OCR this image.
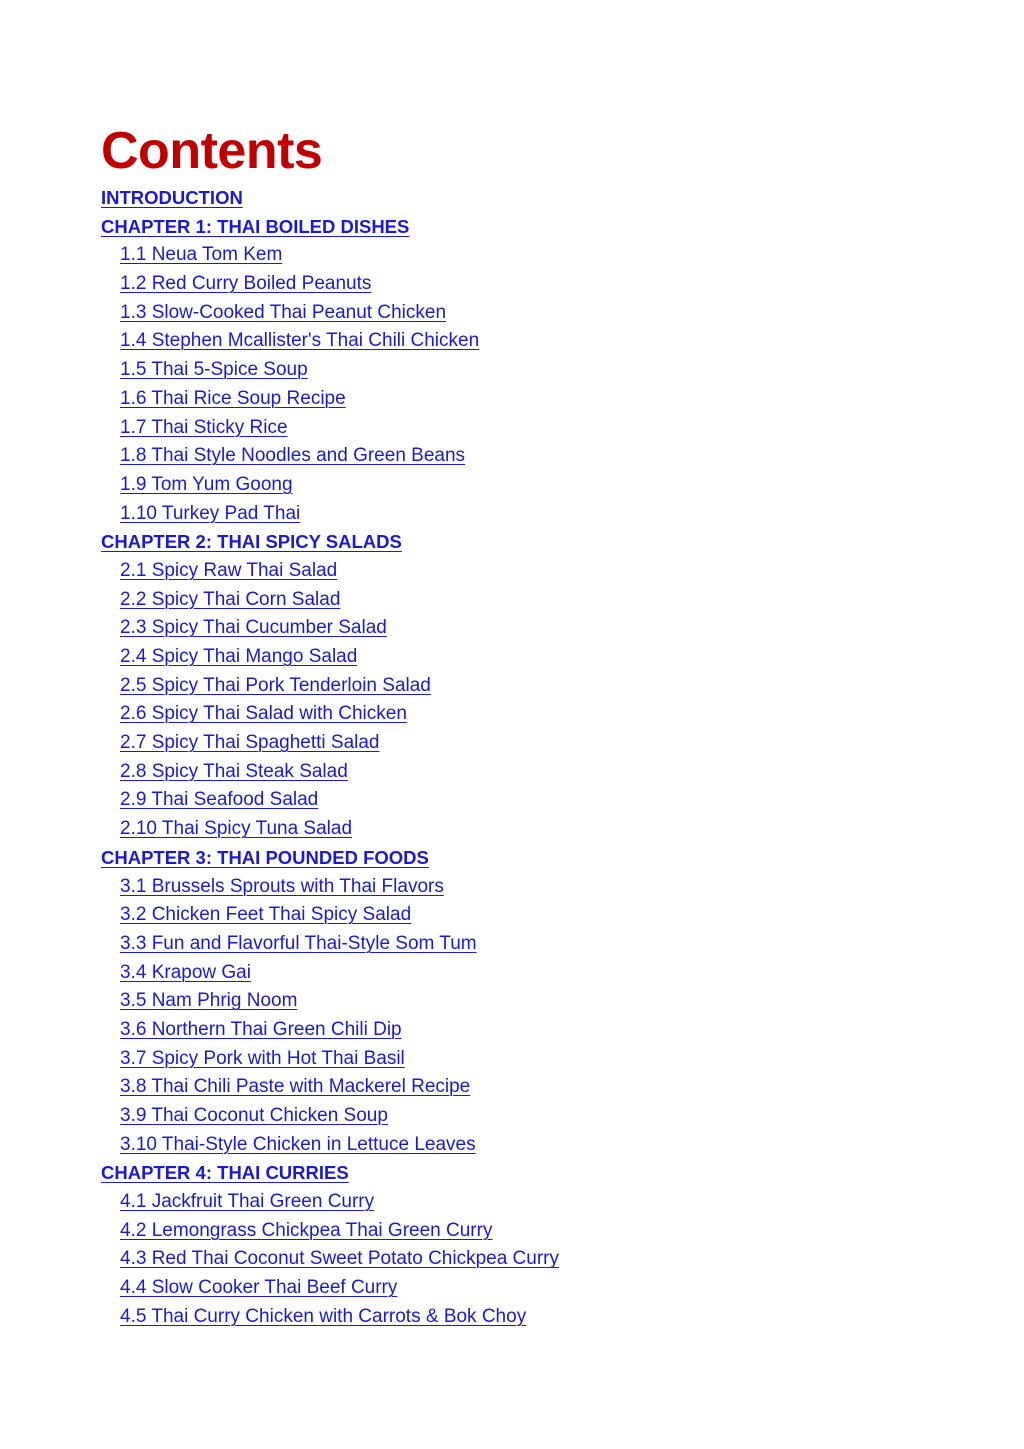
Contents
INTRODUCTION
CHAPTER 1: THAI BOILED DISHES
1.1 Neua Tom Kem
1.2 Red Curry Boiled Peanuts
1.3 Slow-Cooked Thai Peanut Chicken
1.4 Stephen Mcallister's Thai Chili Chicken
1.5 Thai 5-Spice Soup
1.6 Thai Rice Soup Recipe
1.7 Thai Sticky Rice
1.8 Thai Style Noodles and Green Beans
1.9 Tom Yum Goong
1.10 Turkey Pad Thai
CHAPTER 2: THAI SPICY SALADS
2.1 Spicy Raw Thai Salad
2.2 Spicy Thai Corn Salad
2.3 Spicy Thai Cucumber Salad
2.4 Spicy Thai Mango Salad
2.5 Spicy Thai Pork Tenderloin Salad
2.6 Spicy Thai Salad with Chicken
2.7 Spicy Thai Spaghetti Salad
2.8 Spicy Thai Steak Salad
2.9 Thai Seafood Salad
2.10 Thai Spicy Tuna Salad
CHAPTER 3: THAI POUNDED FOODS
3.1 Brussels Sprouts with Thai Flavors
3.2 Chicken Feet Thai Spicy Salad
3.3 Fun and Flavorful Thai-Style Som Tum
3.4 Krapow Gai
3.5 Nam Phrig Noom
3.6 Northern Thai Green Chili Dip
3.7 Spicy Pork with Hot Thai Basil
3.8 Thai Chili Paste with Mackerel Recipe
3.9 Thai Coconut Chicken Soup
3.10 Thai-Style Chicken in Lettuce Leaves
CHAPTER 4: THAI CURRIES
4.1 Jackfruit Thai Green Curry
4.2 Lemongrass Chickpea Thai Green Curry
4.3 Red Thai Coconut Sweet Potato Chickpea Curry
4.4 Slow Cooker Thai Beef Curry
4.5 Thai Curry Chicken with Carrots & Bok Choy
